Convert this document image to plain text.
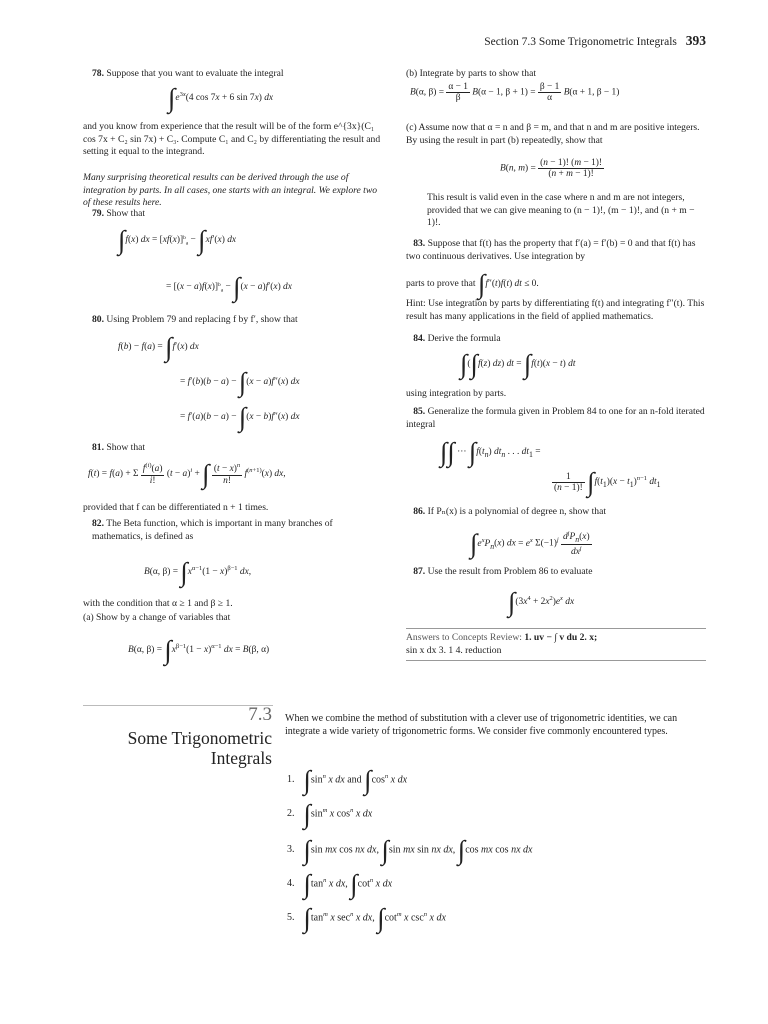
Section 7.3 Some Trigonometric Integrals 393
78. Suppose that you want to evaluate the integral
$\int e^{3x}(4$ cos 7x + 6 sin 7x) dx
and you know from experience that the result will be of the form e^{3x}(C₁ cos 7x + C₂ sin 7x) + C₃. Compute C₁ and C₂ by differentiating the result and setting it equal to the integrand.
Many surprising theoretical results can be derived through the use of integration by parts. In all cases, one starts with an integral. We explore two of these results here.
79. Show that
∫f(x) dx = $[xf(x)]^b_a - \int xf'(x)$ dx
= $[(x - a)f(x)]^b_a - \int(x - a)f'(x)$ dx
80. Using Problem 79 and replacing f by f′, show that
f(b) − f(a) = ∫f′(x) dx
= f′(b)(b − a) − ∫(x − a)f″(x) dx
= f′(a)(b − a) − ∫(x − b)f″(x) dx
81. Show that
f(t) = f(a) + Σ $\frac{f^{(i)}(a)}{i!} (t - a)^i$ + ∫ $\frac{(t - x)^n}{n!} f^{(n+1)}(x)$ dx,
provided that f can be differentiated n + 1 times.
82. The Beta function, which is important in many branches of mathematics, is defined as
B(α, $\beta) = \int x^{\alpha-1}(1 - x)^{\beta-1}$ dx,
with the condition that α ≥ 1 and β ≥ 1.
(a) Show by a change of variables that
B(α, $\beta) = \int x^{\beta-1}(1 - x)^{\alpha-1}$ dx = B(β, α)
(b) Integrate by parts to show that
B(α, $\beta) = \frac{\alpha - 1}{\beta} B(\alpha - 1$, $\beta + 1) = \frac{\beta - 1}{\alpha} B(\alpha + 1$, β − 1)
(c) Assume now that α = n and β = m, and that n and m are positive integers. By using the result in part (b) repeatedly, show that
B(n, $m) = \frac{(n - 1)! (m - 1)!}{(n + m - 1)!}$
This result is valid even in the case where n and m are not integers, provided that we can give meaning to (n − 1)!, (m − 1)!, and (n + m − 1)!.
83. Suppose that f(t) has the property that f′(a) = f′(b) = 0 and that f(t) has two continuous derivatives. Use integration by
parts to prove that ∫f″(t)f(t) dt ≤ 0.
Hint: Use integration by parts by differentiating f(t) and integrating f″(t). This result has many applications in the field of applied mathematics.
84. Derive the formula
∫(∫f(z) dz) dt = ∫f(t)(x − t) dt
using integration by parts.
85. Generalize the formula given in Problem 84 to one for an n-fold iterated integral
∫∫ ··· $\int f(t_n)$ $dt_n$ . . . $dt_1$ =
$\frac{1}{(n - 1)!} \int f(t_1)(x - t_1)^{n-1}$ $dt_1$
86. If Pₙ(x) is a polynomial of degree n, show that
$\int e^xP_n(x)$ dx = $e^x$ $\Sigma(-1)^j \frac{d^jP_n(x)}{dx^j}$
87. Use the result from Problem 86 to evaluate
$\int(3x^4 + 2x^2)e^x$ dx
Answers to Concepts Review: 1. uv − ∫ v du 2. x;
sin x dx 3. 1 4. reduction
7.3
Some Trigonometric
Integrals
When we combine the method of substitution with a clever use of trigonometric identities, we can integrate a wide variety of trigonometric forms. We consider five commonly encountered types.
1. $\int\sin^n$ x dx and $\int\cos^n$ x dx
2. $\int\sin^m$ x $\cos^n x$ dx
3. ∫sin mx cos nx dx, ∫sin mx sin nx dx, ∫cos mx cos nx dx
4. $\int\tan^n$ x dx, $\int\cot^n$ x dx
5. $\int\tan^m$ x $\sec^n x$ dx, $\int\cot^m$ x $\csc^n x$ dx
